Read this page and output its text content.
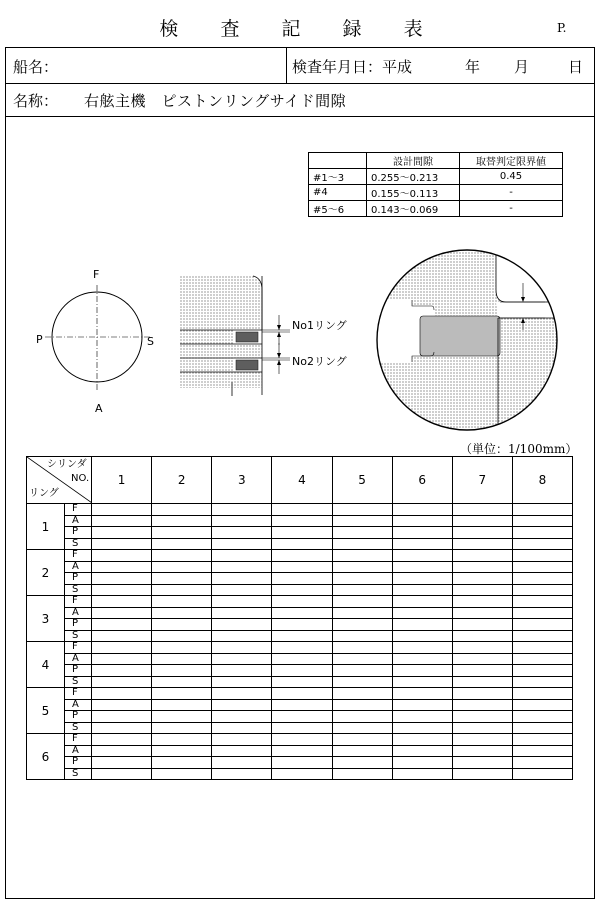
検 査 記 録 表	P.
船名：	検査年月日：平成	年 月	日
名称： 右舷主機　ピストンリングサイド間隙
	設計間隙	取替判定限界値
#1～3	0.255～0.213	0.45
#4	0.155～0.113	-
#5～6	0.143～0.069	-
F
P	S
A
No1リング
No2リング
（単位：1/100mm）
シリンダ
NO.
リング		1	2	3	4	5	6	7	8
1	F								
	A								
	P								
	S								
2	F								
	A								
	P								
	S								
3	F								
	A								
	P								
	S								
4	F								
	A								
	P								
	S								
5	F								
	A								
	P								
	S								
6	F								
	A								
	P								
	S								
